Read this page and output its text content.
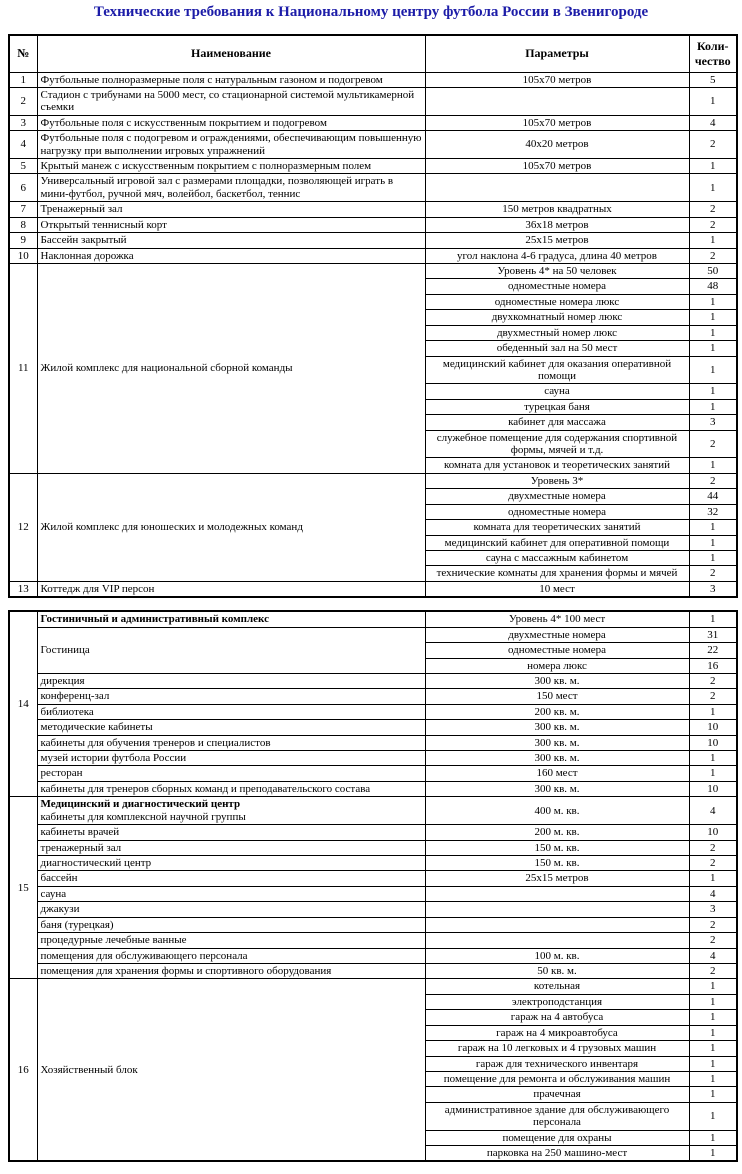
Технические требования к Национальному центру футбола России в Звенигороде
№	Наименование	Параметры	Коли-
чество

1	Футбольные полноразмерные поля с натуральным газоном и подогревом	105x70 метров	5
2	Стадион с трибунами на 5000 мест, со стационарной системой мультикамерной съемки		1
3	Футбольные поля с искусственным покрытием и подогревом	105x70 метров	4
4	Футбольные поля с подогревом и ограждениями, обеспечивающим повышенную нагрузку при выполнении игровых упражнений	40x20 метров	2
5	Крытый манеж с искусственным покрытием с полноразмерным полем	105x70 метров	1
6	Универсальный игровой зал с размерами площадки, позволяющей играть в мини-футбол, ручной мяч, волейбол, баскетбол, теннис		1
7	Тренажерный зал	150 метров квадратных	2
8	Открытый теннисный корт	36x18 метров	2
9	Бассейн закрытый	25x15 метров	1
10	Наклонная дорожка	угол наклона 4-6 градуса, длина 40 метров	2
11	Жилой комплекс для национальной сборной команды	Уровень 4* на 50 человек	50
		одноместные номера	48
		одноместные номера люкс	1
		двухкомнатный номер люкс	1
		двухместный номер люкс	1
		обеденный зал на 50 мест	1
		медицинский кабинет для оказания оперативной помощи	1
		сауна	1
		турецкая баня	1
		кабинет для массажа	3
		служебное помещение для содержания спортивной формы, мячей и т.д.	2
		комната для установок и теоретических занятий	1
12	Жилой комплекс для юношеских и молодежных команд	Уровень 3*	2
		двухместные номера	44
		одноместные номера	32
		комната для теоретических занятий	1
		медицинский кабинет для оперативной помощи	1
		сауна с массажным кабинетом	1
		технические комнаты для хранения формы и мячей	2
13	Коттедж для VIP персон	10 мест	3
14	Гостиничный и административный комплекс	Уровень 4* 100 мест	1
	Гостиница	двухместные номера	31
		одноместные номера	22
		номера люкс	16
	дирекция	300 кв. м.	2
	конференц-зал	150 мест	2
	библиотека	200 кв. м.	1
	методические кабинеты	300 кв. м.	10
	кабинеты для обучения тренеров и специалистов	300 кв. м.	10
	музей истории футбола России	300 кв. м.	1
	ресторан	160 мест	1
	кабинеты для тренеров сборных команд и преподавательского состава	300 кв. м.	10
15	Медицинский и диагностический центр
кабинеты для комплексной научной группы	400 м. кв.	4
	кабинеты врачей	200 м. кв.	10
	тренажерный зал	150 м. кв.	2
	диагностический центр	150 м. кв.	2
	бассейн	25x15 метров	1
	сауна		4
	джакузи		3
	баня (турецкая)		2
	процедурные лечебные ванные		2
	помещения для обслуживающего персонала	100 м. кв.	4
	помещения для хранения формы и спортивного оборудования	50 кв. м.	2
16	Хозяйственный блок	котельная	1
		электроподстанция	1
		гараж на 4 автобуса	1
		гараж на 4 микроавтобуса	1
		гараж на 10 легковых и 4 грузовых машин	1
		гараж для технического инвентаря	1
		помещение для ремонта и обслуживания машин	1
		прачечная	1
		административное здание для обслуживающего персонала	1
		помещение для охраны	1
		парковка на 250 машино-мест	1
